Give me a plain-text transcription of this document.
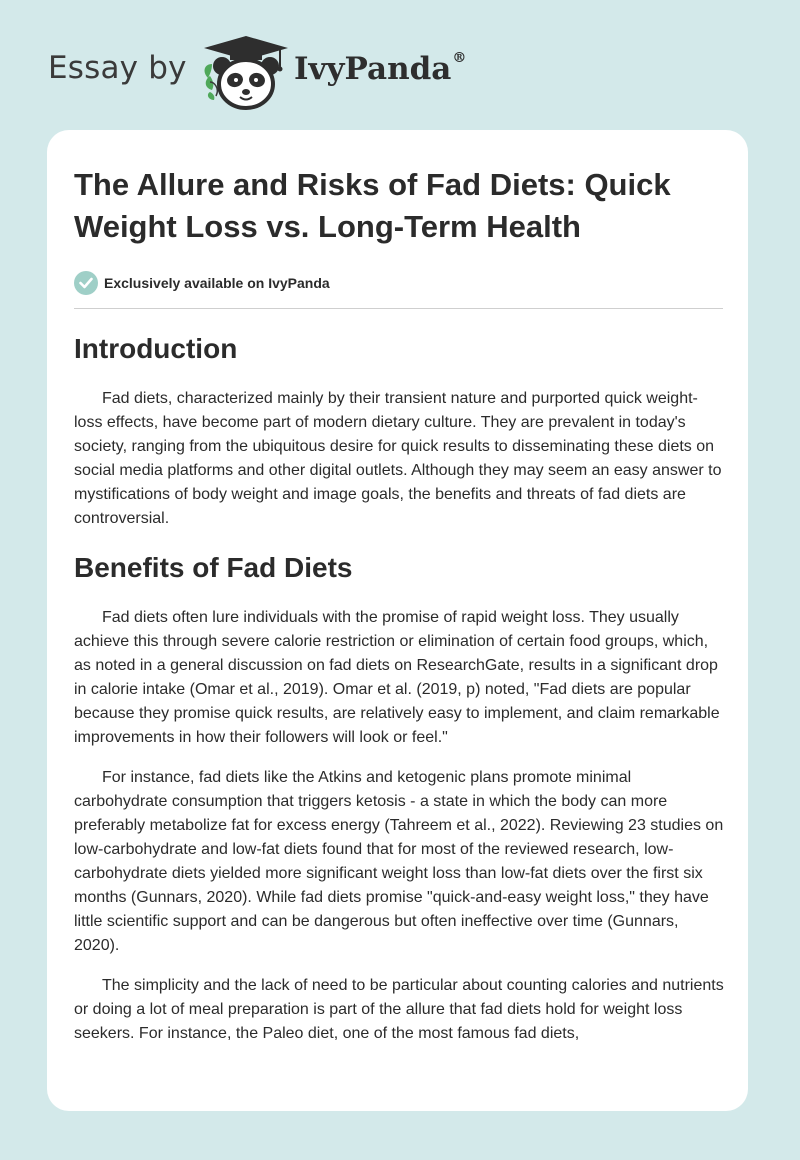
Essay by	IvyPanda®
The Allure and Risks of Fad Diets: Quick Weight Loss vs. Long-Term Health
Exclusively available on IvyPanda
Introduction

Fad diets, characterized mainly by their transient nature and purported quick weight-loss effects, have become part of modern dietary culture. They are prevalent in today's society, ranging from the ubiquitous desire for quick results to disseminating these diets on social media platforms and other digital outlets. Although they may seem an easy answer to mystifications of body weight and image goals, the benefits and threats of fad diets are controversial.

Benefits of Fad Diets

Fad diets often lure individuals with the promise of rapid weight loss. They usually achieve this through severe calorie restriction or elimination of certain food groups, which, as noted in a general discussion on fad diets on ResearchGate, results in a significant drop in calorie intake (Omar et al., 2019). Omar et al. (2019, p) noted, "Fad diets are popular because they promise quick results, are relatively easy to implement, and claim remarkable improvements in how their followers will look or feel."

For instance, fad diets like the Atkins and ketogenic plans promote minimal carbohydrate consumption that triggers ketosis - a state in which the body can more preferably metabolize fat for excess energy (Tahreem et al., 2022). Reviewing 23 studies on low-carbohydrate and low-fat diets found that for most of the reviewed research, low-carbohydrate diets yielded more significant weight loss than low-fat diets over the first six months (Gunnars, 2020). While fad diets promise "quick-and-easy weight loss," they have little scientific support and can be dangerous but often ineffective over time (Gunnars, 2020).

The simplicity and the lack of need to be particular about counting calories and nutrients or doing a lot of meal preparation is part of the allure that fad diets hold for weight loss seekers. For instance, the Paleo diet, one of the most famous fad diets,
